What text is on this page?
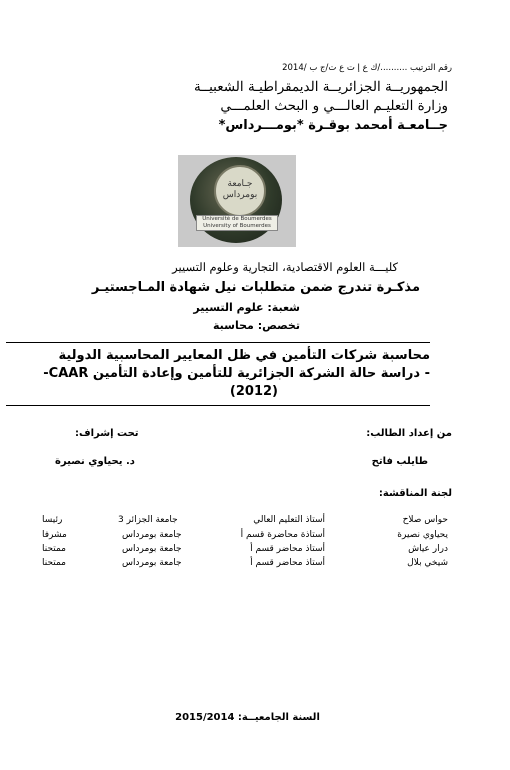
رقم الترتيب ........../ك ع إ ت ع ت/ج ب /2014
الجمهوريــة الجزائريــة الديمقراطيـة الشعبيــة
وزارة التعليـم العالـــي و البحث العلمـــي
جــامعـة أمحمد بوقـرة *بومـــرداس*
جـامعة بومرداس
Université de Boumerdes
University of Boumerdes
كليـــة العلوم الاقتصادية، التجارية وعلوم التسيير
مذكـرة تندرج ضمن متطلبات نيل شهادة المـاجستيـر
شعبة: علوم التسيير
تخصص: محاسبة
محاسبة شركات التأمين في ظل المعايير المحاسبية الدولية
- دراسة حالة الشركة الجزائرية للتأمين وإعادة التأمين CAAR-
(2012)
من إعداد الطالب:
تحت إشراف:
طايلب فاتح
د. يحياوي نصيرة
لجنة المناقشة:
حواس صلاح
أستاذ التعليم العالي
جامعة الجزائر 3
رئيسا
يحياوي نصيرة
أستاذة محاضرة قسم أ
جامعة بومرداس
مشرفا
درار عياش
أستاذ محاضر قسم أ
جامعة بومرداس
ممتحنا
شيخي بلال
أستاذ محاضر قسم أ
جامعة بومرداس
ممتحنا
السنة الجامعيــة: 2015/2014
